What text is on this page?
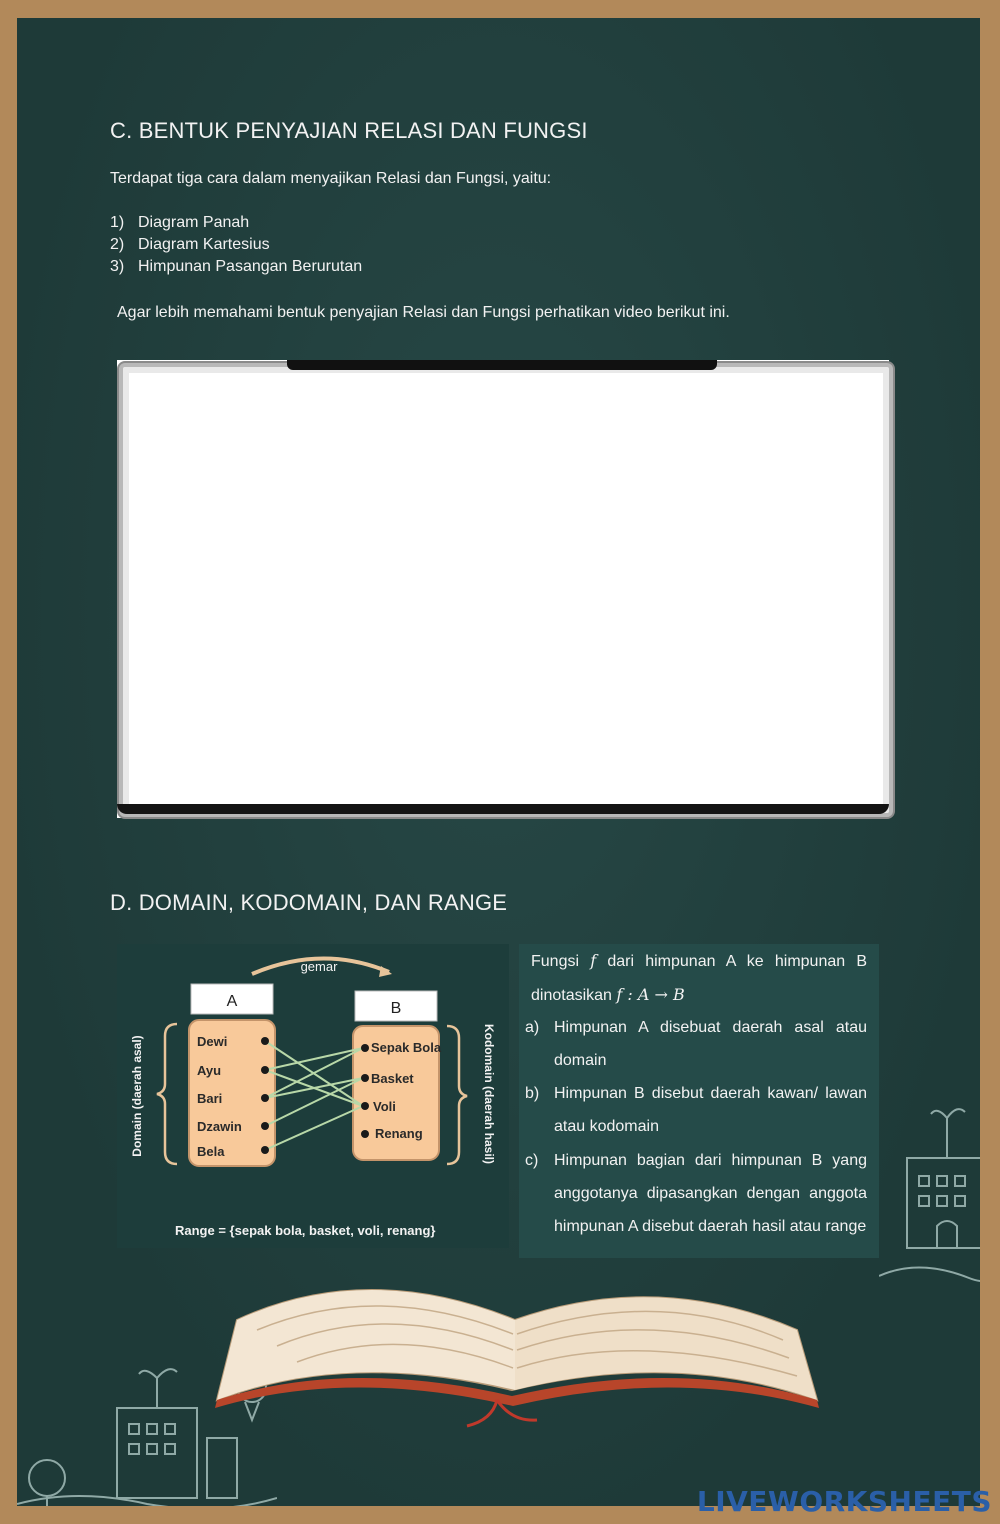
C. BENTUK PENYAJIAN RELASI DAN FUNGSI
Terdapat tiga cara dalam menyajikan Relasi dan Fungsi, yaitu:
1) Diagram Panah
2) Diagram Kartesius
3) Himpunan Pasangan Berurutan
Agar lebih memahami bentuk penyajian Relasi dan Fungsi perhatikan video berikut ini.
D. DOMAIN, KODOMAIN, DAN RANGE
gemar
A	B
Domain (daerah asal)	Kodomain (daerah hasil)
Dewi
Ayu
Bari
Dzawin
Bela
Sepak Bola
Basket
Voli
Renang
Range = {sepak bola, basket, voli, renang}
Fungsi f dari himpunan A ke himpunan B
dinotasikan f : A → B
a) Himpunan A disebuat daerah asal atau
domain
b) Himpunan B disebut daerah kawan/ lawan
atau kodomain
c) Himpunan bagian dari himpunan B yang
anggotanya dipasangkan dengan anggota
himpunan A disebut daerah hasil atau range
LIVEWORKSHEETS
